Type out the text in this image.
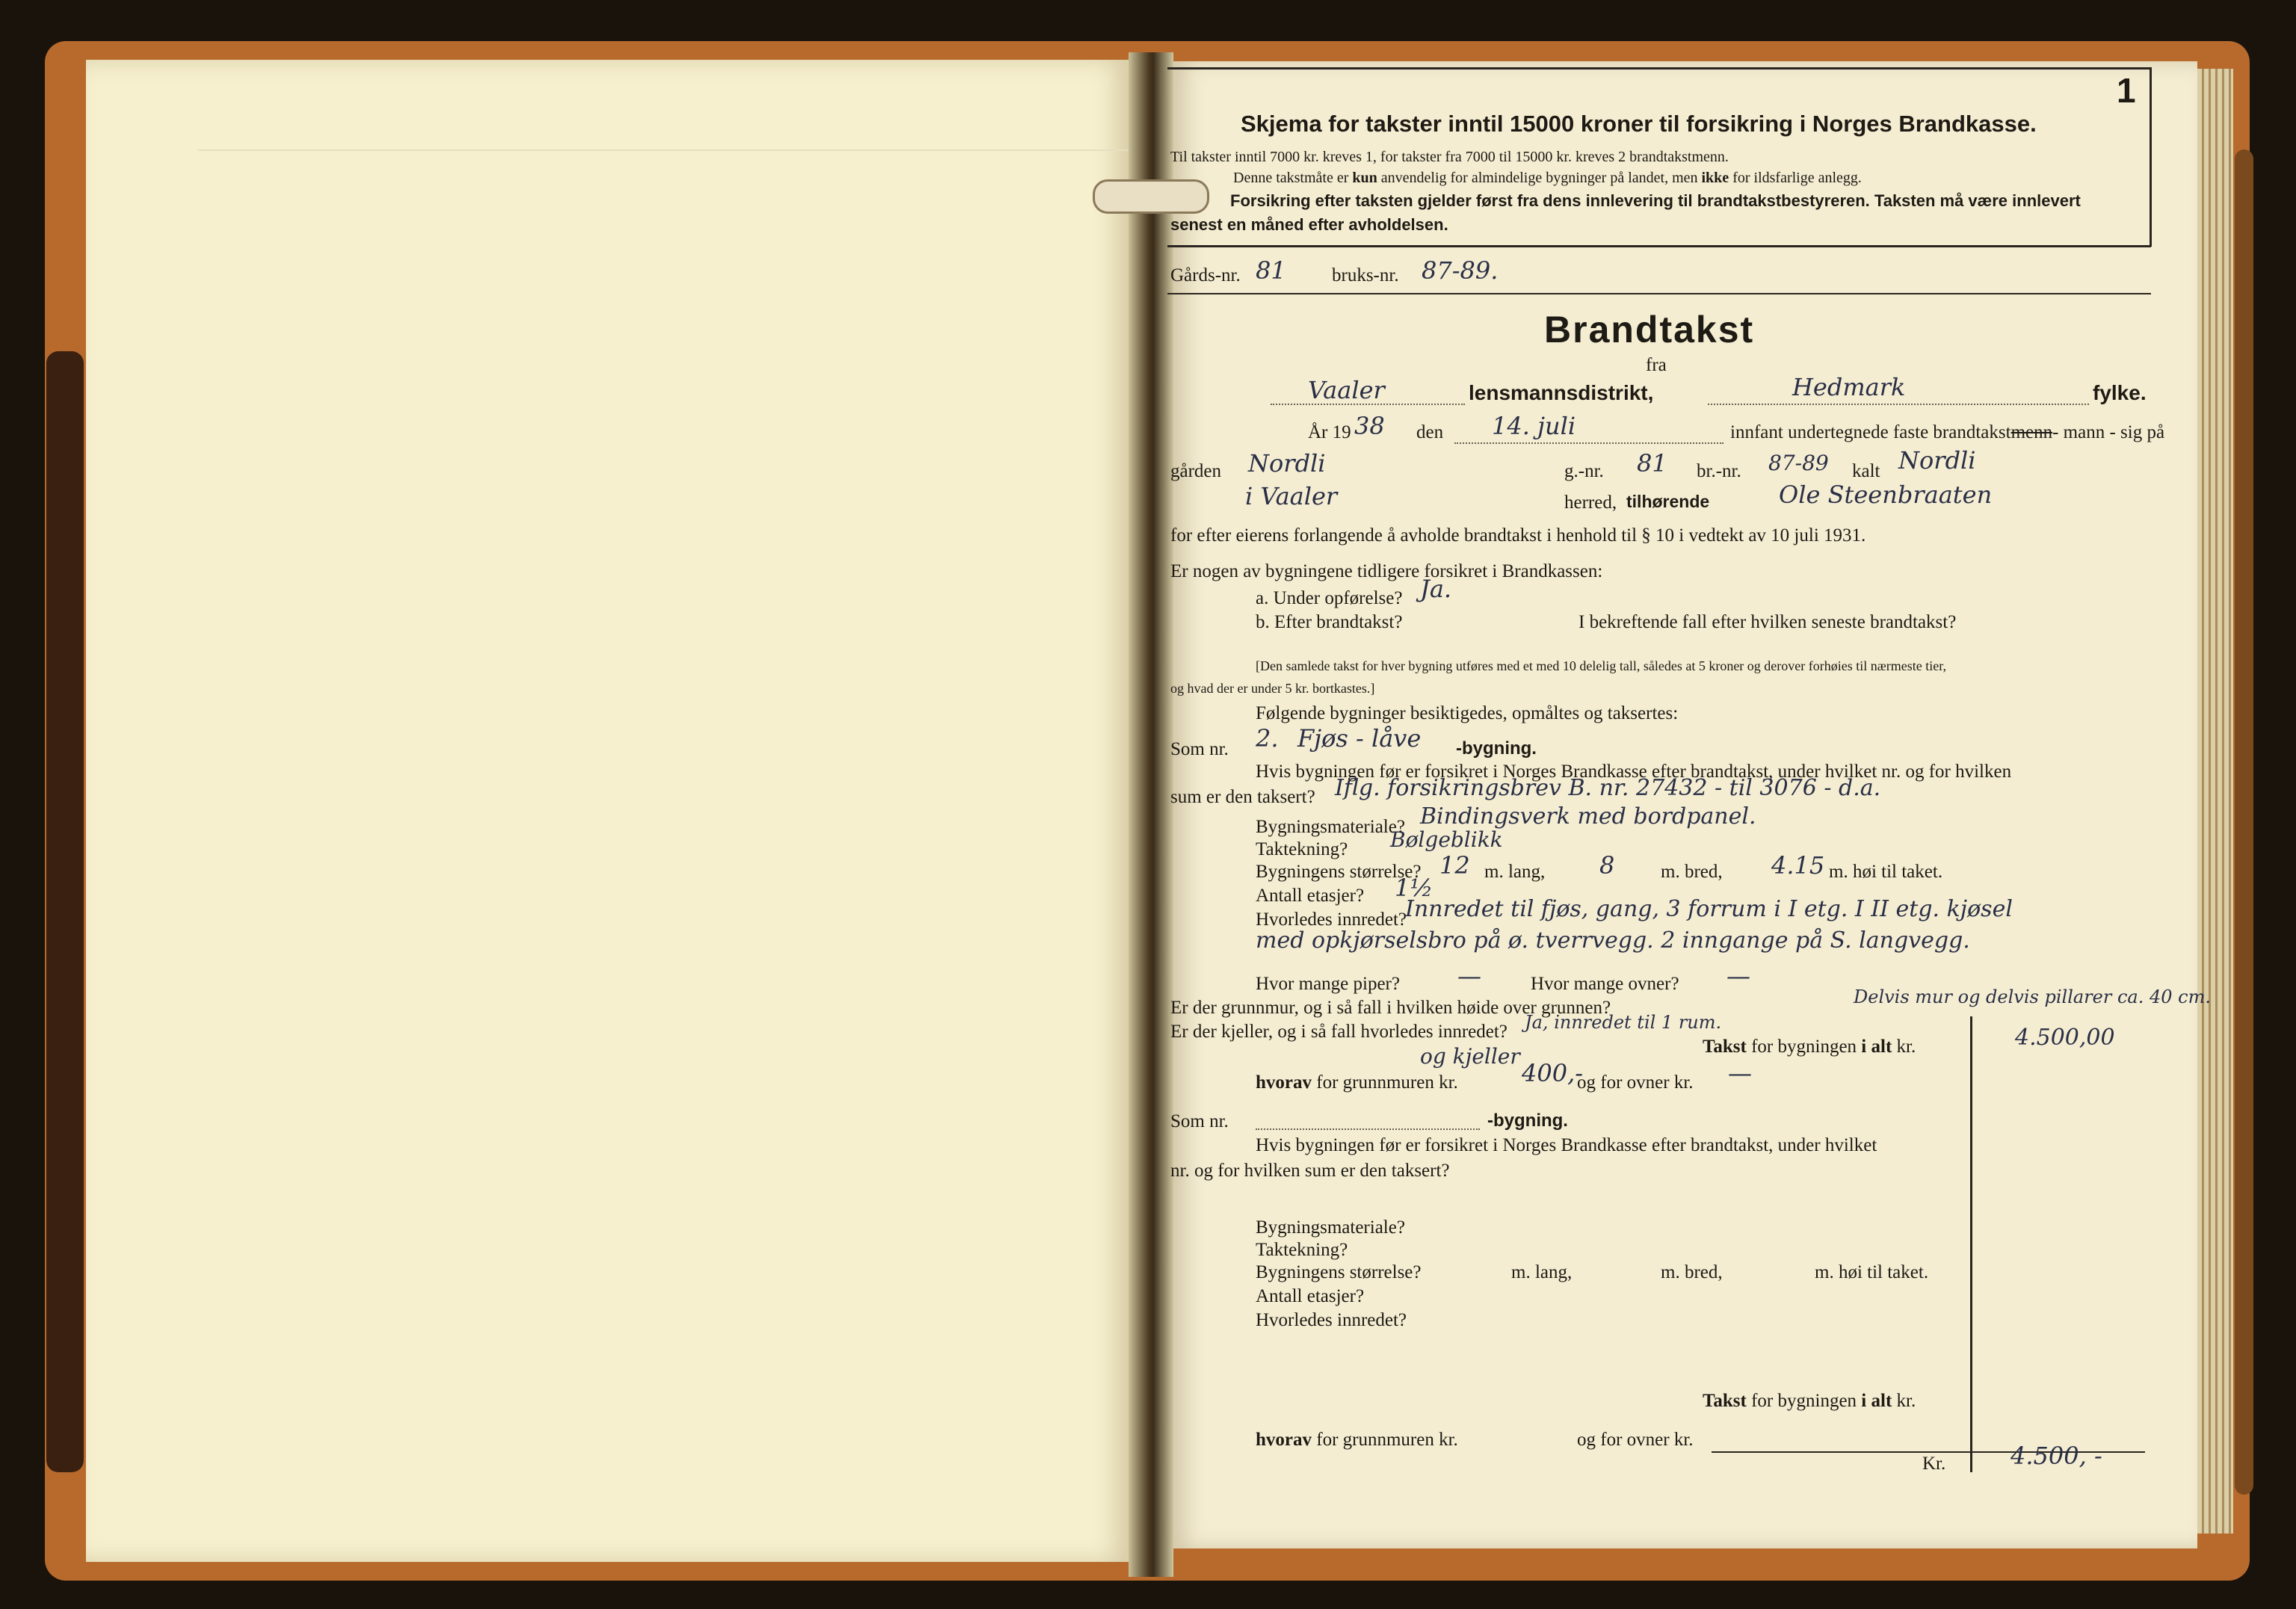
1
Skjema for takster inntil 15000 kroner til forsikring i Norges Brandkasse.
Til takster inntil 7000 kr. kreves 1, for takster fra 7000 til 15000 kr. kreves 2 brandtakstmenn.
Denne takstmåte er kun anvendelig for almindelige bygninger på landet, men ikke for ildsfarlige anlegg.
Forsikring efter taksten gjelder først fra dens innlevering til brandtakstbestyreren. Taksten må være innlevert
senest en måned efter avholdelsen.
Gårds-nr. 81 bruks-nr. 87-89.
Brandtakst
fra
Vaaler	lensmannsdistrikt,	Hedmark	fylke.
År 19 38 den 14. juli	innfant undertegnede faste brandtakstmenn- mann - sig på
gården Nordli	g.-nr. 81 br.-nr. 87-89 kalt Nordli
i Vaaler	herred, tilhørende	Ole Steenbraaten
for efter eierens forlangende å avholde brandtakst i henhold til § 10 i vedtekt av 10 juli 1931.
Er nogen av bygningene tidligere forsikret i Brandkassen:
a. Under opførelse? Ja.
b. Efter brandtakst?	I bekreftende fall efter hvilken seneste brandtakst?
[Den samlede takst for hver bygning utføres med et med 10 delelig tall, således at 5 kroner og derover forhøies til nærmeste tier,
og hvad der er under 5 kr. bortkastes.]
Følgende bygninger besiktigedes, opmåltes og taksertes:
Som nr. 2. Fjøs - låve -bygning.
Hvis bygningen før er forsikret i Norges Brandkasse efter brandtakst, under hvilket nr. og for hvilken
sum er den taksert? Iflg. forsikringsbrev B. nr. 27432 - til 3076 - d.a.
Bygningsmateriale? Bindingsverk med bordpanel.
Taktekning? Bølgeblikk
Bygningens størrelse? 12 m. lang, 8 m. bred, 4.15 m. høi til taket.
Antall etasjer? 1½
Hvorledes innredet?
Innredet til fjøs, gang, 3 forrum i I etg. I II etg. kjøsel
med opkjørselsbro på ø. tverrvegg. 2 inngange på S. langvegg.
Hvor mange piper? —	Hvor mange ovner? —
Er der grunnmur, og i så fall i hvilken høide over grunnen?
Delvis mur og delvis pillarer ca. 40 cm.
Er der kjeller, og i så fall hvorledes innredet? Ja, innredet til 1 rum.
Takst for bygningen i alt kr.	4.500,00
og kjeller
hvorav for grunnmuren kr.	400,-
og for ovner kr. —
Som nr.	-bygning.
Hvis bygningen før er forsikret i Norges Brandkasse efter brandtakst, under hvilket
nr. og for hvilken sum er den taksert?
Bygningsmateriale?
Taktekning?
Bygningens størrelse?	m. lang,	m. bred,	m. høi til taket.
Antall etasjer?
Hvorledes innredet?
Takst for bygningen i alt kr.
hvorav for grunnmuren kr.	og for ovner kr.
Kr.	4.500, -
